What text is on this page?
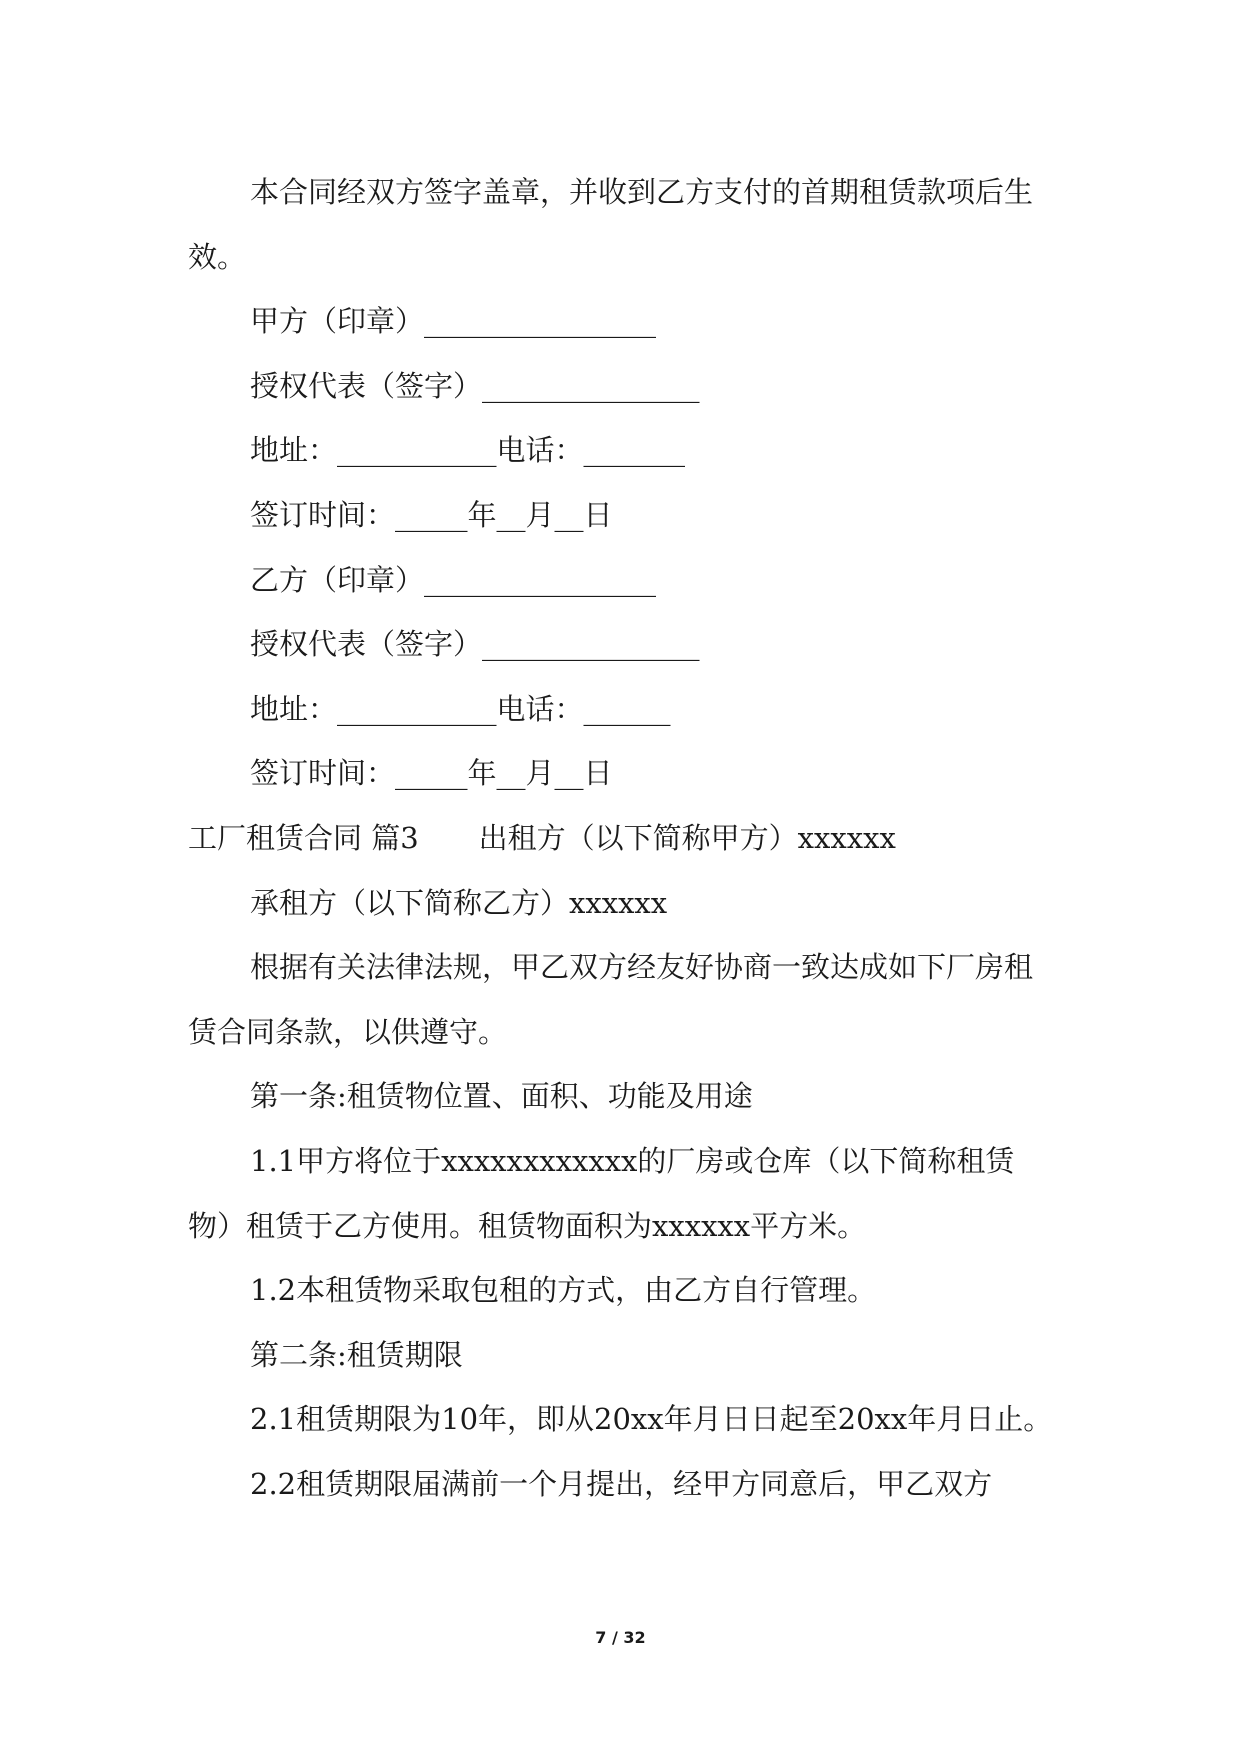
本合同经双方签字盖章，并收到乙方支付的首期租赁款项后生效。

甲方（印章）________________

授权代表（签字）_______________

地址：___________电话：_______

签订时间：_____年__月__日

乙方（印章）________________

授权代表（签字）_______________

地址：___________电话：______

签订时间：_____年__月__日

工厂租赁合同 篇3 出租方（以下简称甲方）xxxxxx

承租方（以下简称乙方）xxxxxx

根据有关法律法规，甲乙双方经友好协商一致达成如下厂房租赁合同条款，以供遵守。

第一条:租赁物位置、面积、功能及用途

1.1甲方将位于xxxxxxxxxxxx的厂房或仓库（以下简称租赁物）租赁于乙方使用。租赁物面积为xxxxxx平方米。

1.2本租赁物采取包租的方式，由乙方自行管理。

第二条:租赁期限

2.1租赁期限为10年，即从20xx年月日日起至20xx年月日止。

2.2租赁期限届满前一个月提出，经甲方同意后，甲乙双方

7 / 32
